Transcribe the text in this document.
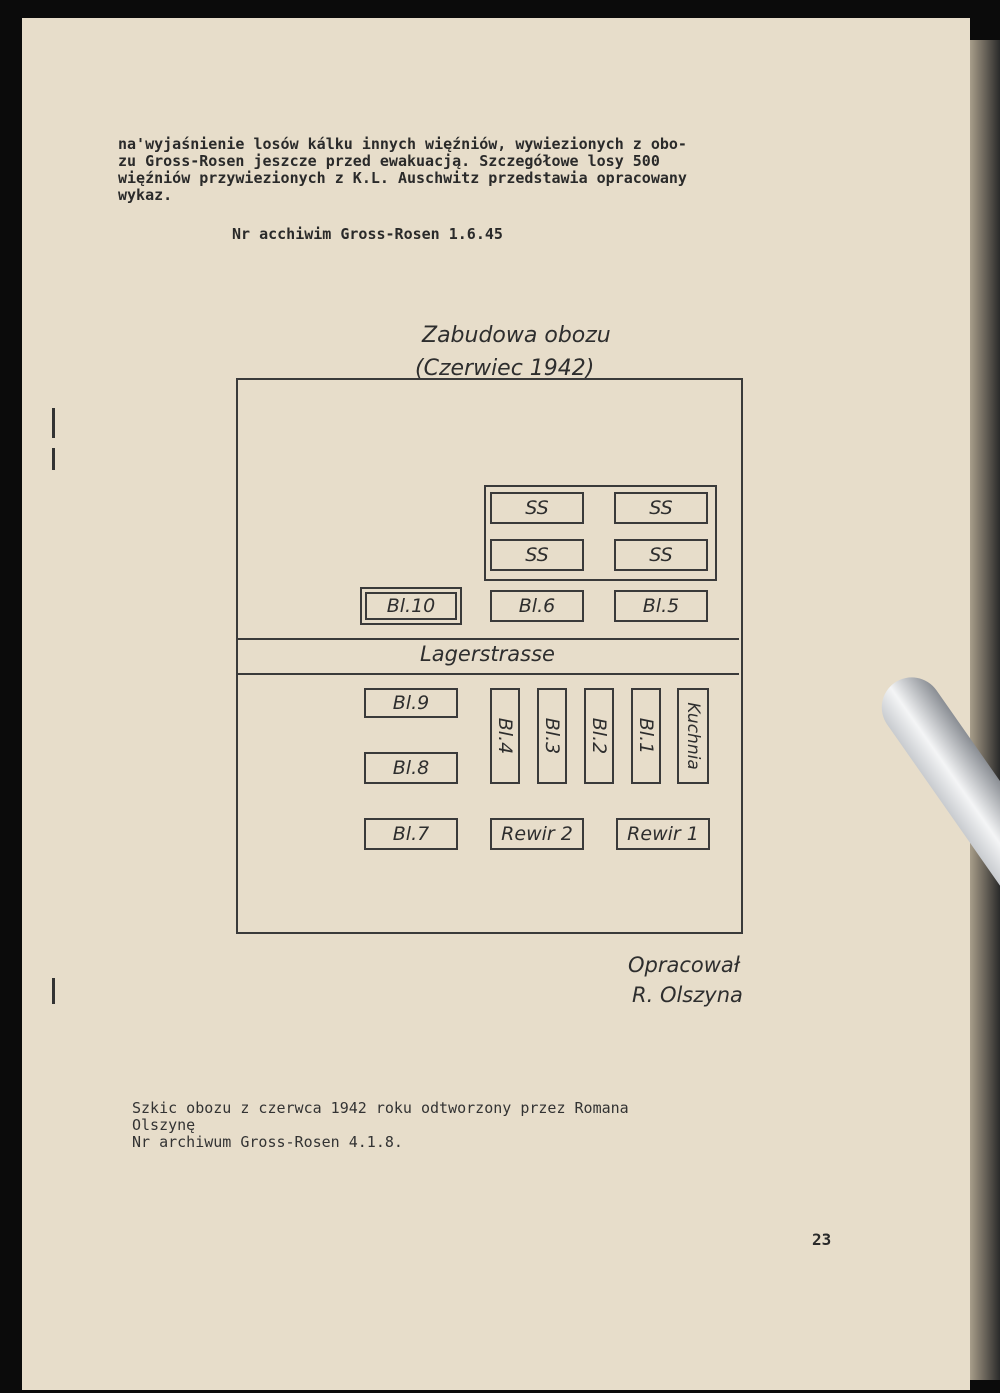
na'wyjaśnienie losów kálku innych więźniów, wywiezionych z obo-
zu Gross-Rosen jeszcze przed ewakuacją. Szczegółowe losy 500
więźniów przywiezionych z K.L. Auschwitz przedstawia opracowany
wykaz.
Nr acchiwim Gross-Rosen 1.6.45
Zabudowa obozu
(Czerwiec 1942)
SS	SS
SS	SS
Bl.10	Bl.6	Bl.5
Lagerstrasse
Bl.9
Bl.8
Bl.7
Bl.4 Bl.3 Bl.2 Bl.1 Kuchnia
Rewir 2	Rewir 1
Opracował
R. Olszyna
Szkic obozu z czerwca 1942 roku odtworzony przez Romana
Olszynę
Nr archiwum Gross-Rosen 4.1.8.
23
